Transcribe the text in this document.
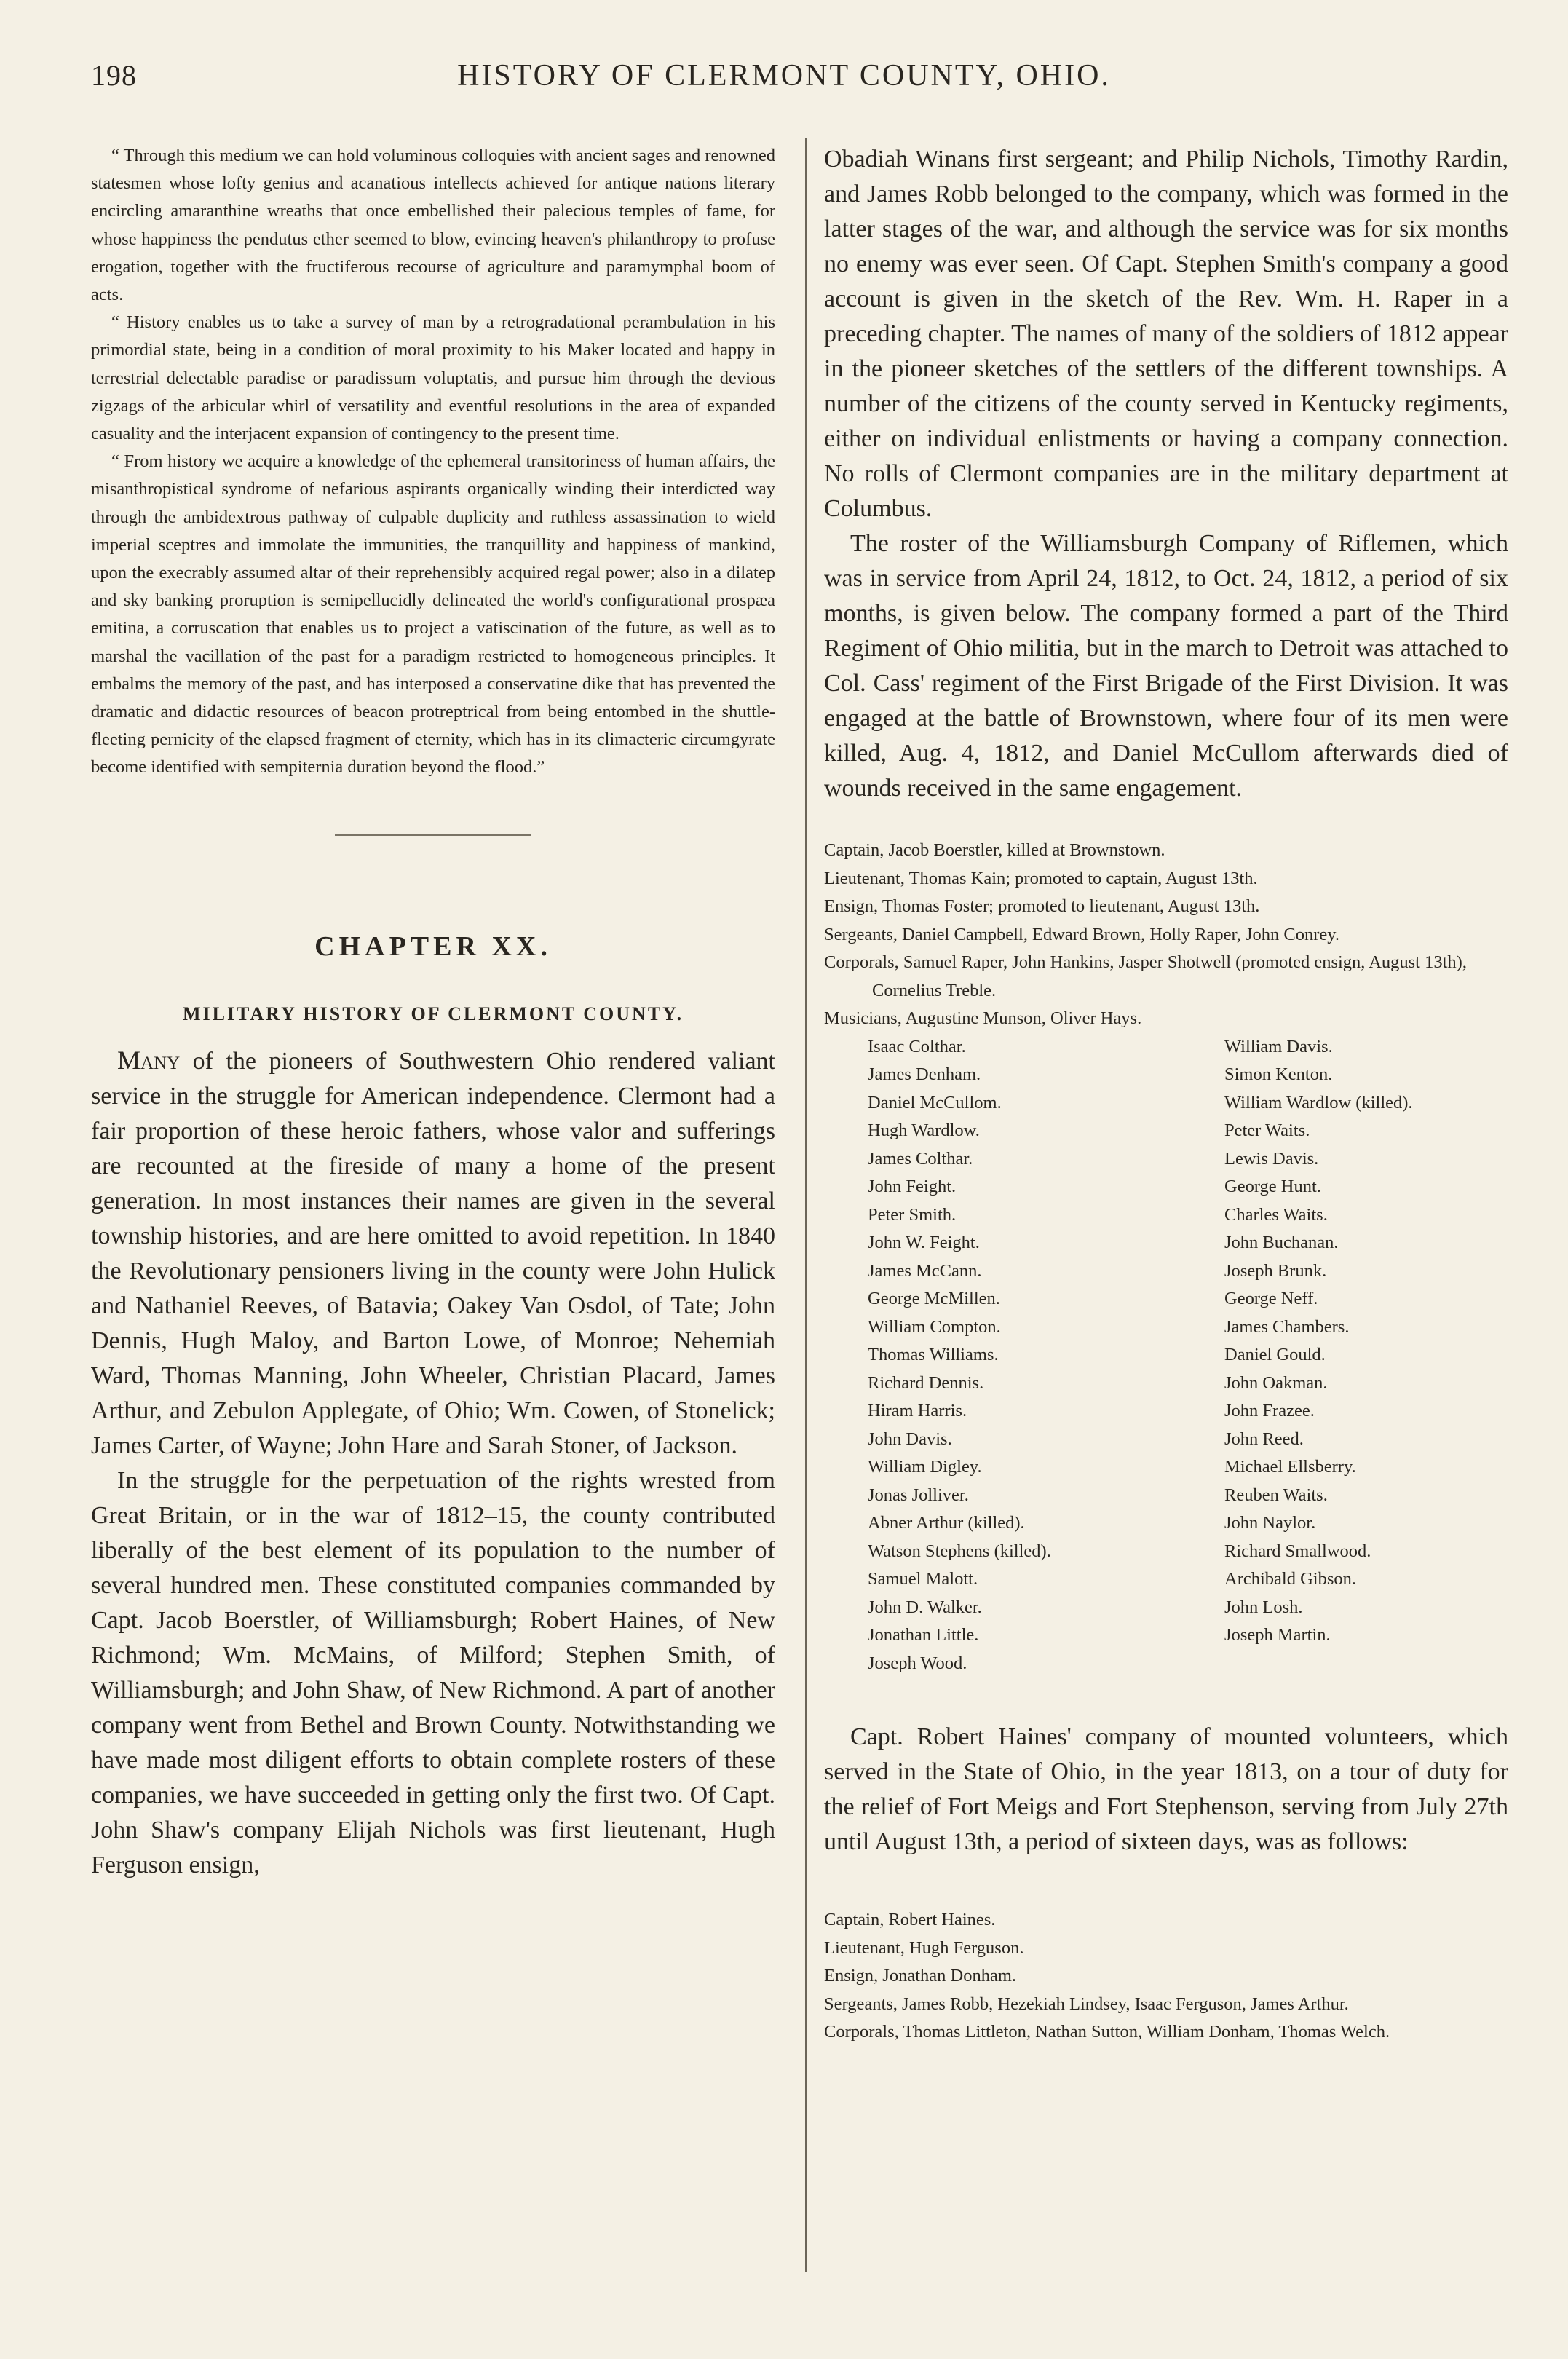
198	HISTORY OF CLERMONT COUNTY, OHIO.

“ Through this medium we can hold voluminous colloquies with ancient sages and renowned statesmen whose lofty genius and acanatious intellects achieved for antique nations literary encircling amaranthine wreaths that once embellished their palecious temples of fame, for whose happiness the pendutus ether seemed to blow, evincing heaven's philanthropy to profuse erogation, together with the fructiferous recourse of agriculture and paramymphal boom of acts.

“ History enables us to take a survey of man by a retrogradational perambulation in his primordial state, being in a condition of moral proximity to his Maker located and happy in terrestrial delectable paradise or paradissum voluptatis, and pursue him through the devious zigzags of the arbicular whirl of versatility and eventful resolutions in the area of expanded casuality and the interjacent expansion of contingency to the present time.

“ From history we acquire a knowledge of the ephemeral transitoriness of human affairs, the misanthropistical syndrome of nefarious aspirants organically winding their interdicted way through the ambidextrous pathway of culpable duplicity and ruthless assassination to wield imperial sceptres and immolate the immunities, the tranquillity and happiness of mankind, upon the execrably assumed altar of their reprehensibly acquired regal power; also in a dilatep and sky banking proruption is semipellucidly delineated the world's configurational prospæa emitina, a corruscation that enables us to project a vatiscination of the future, as well as to marshal the vacillation of the past for a paradigm restricted to homogeneous principles. It embalms the memory of the past, and has interposed a conservatine dike that has prevented the dramatic and didactic resources of beacon protreptrical from being entombed in the shuttle-fleeting pernicity of the elapsed fragment of eternity, which has in its climacteric circumgyrate become identified with sempiternia duration beyond the flood.”

CHAPTER XX.
MILITARY HISTORY OF CLERMONT COUNTY.

Many of the pioneers of Southwestern Ohio rendered valiant service in the struggle for American independence. Clermont had a fair proportion of these heroic fathers, whose valor and sufferings are recounted at the fireside of many a home of the present generation. In most instances their names are given in the several township histories, and are here omitted to avoid repetition. In 1840 the Revolutionary pensioners living in the county were John Hulick and Nathaniel Reeves, of Batavia; Oakey Van Osdol, of Tate; John Dennis, Hugh Maloy, and Barton Lowe, of Monroe; Nehemiah Ward, Thomas Manning, John Wheeler, Christian Placard, James Arthur, and Zebulon Applegate, of Ohio; Wm. Cowen, of Stonelick; James Carter, of Wayne; John Hare and Sarah Stoner, of Jackson.

In the struggle for the perpetuation of the rights wrested from Great Britain, or in the war of 1812–15, the county contributed liberally of the best element of its population to the number of several hundred men. These constituted companies commanded by Capt. Jacob Boerstler, of Williamsburgh; Robert Haines, of New Richmond; Wm. McMains, of Milford; Stephen Smith, of Williamsburgh; and John Shaw, of New Richmond. A part of another company went from Bethel and Brown County. Notwithstanding we have made most diligent efforts to obtain complete rosters of these companies, we have succeeded in getting only the first two. Of Capt. John Shaw's company Elijah Nichols was first lieutenant, Hugh Ferguson ensign,

Obadiah Winans first sergeant; and Philip Nichols, Timothy Rardin, and James Robb belonged to the company, which was formed in the latter stages of the war, and although the service was for six months no enemy was ever seen. Of Capt. Stephen Smith's company a good account is given in the sketch of the Rev. Wm. H. Raper in a preceding chapter. The names of many of the soldiers of 1812 appear in the pioneer sketches of the settlers of the different townships. A number of the citizens of the county served in Kentucky regiments, either on individual enlistments or having a company connection. No rolls of Clermont companies are in the military department at Columbus.

The roster of the Williamsburgh Company of Riflemen, which was in service from April 24, 1812, to Oct. 24, 1812, a period of six months, is given below. The company formed a part of the Third Regiment of Ohio militia, but in the march to Detroit was attached to Col. Cass' regiment of the First Brigade of the First Division. It was engaged at the battle of Brownstown, where four of its men were killed, Aug. 4, 1812, and Daniel McCullom afterwards died of wounds received in the same engagement.

Captain, Jacob Boerstler, killed at Brownstown.
Lieutenant, Thomas Kain; promoted to captain, August 13th.
Ensign, Thomas Foster; promoted to lieutenant, August 13th.
Sergeants, Daniel Campbell, Edward Brown, Holly Raper, John Conrey.
Corporals, Samuel Raper, John Hankins, Jasper Shotwell (promoted ensign, August 13th), Cornelius Treble.
Musicians, Augustine Munson, Oliver Hays.
Isaac Colthar.
James Denham.
Daniel McCullom.
Hugh Wardlow.
James Colthar.
John Feight.
Peter Smith.
John W. Feight.
James McCann.
George McMillen.
William Compton.
Thomas Williams.
Richard Dennis.
Hiram Harris.
John Davis.
William Digley.
Jonas Jolliver.
Abner Arthur (killed).
Watson Stephens (killed).
Samuel Malott.
John D. Walker.
Jonathan Little.
Joseph Wood.
William Davis.
Simon Kenton.
William Wardlow (killed).
Peter Waits.
Lewis Davis.
George Hunt.
Charles Waits.
John Buchanan.
Joseph Brunk.
George Neff.
James Chambers.
Daniel Gould.
John Oakman.
John Frazee.
John Reed.
Michael Ellsberry.
Reuben Waits.
John Naylor.
Richard Smallwood.
Archibald Gibson.
John Losh.
Joseph Martin.

Capt. Robert Haines' company of mounted volunteers, which served in the State of Ohio, in the year 1813, on a tour of duty for the relief of Fort Meigs and Fort Stephenson, serving from July 27th until August 13th, a period of sixteen days, was as follows:

Captain, Robert Haines.
Lieutenant, Hugh Ferguson.
Ensign, Jonathan Donham.
Sergeants, James Robb, Hezekiah Lindsey, Isaac Ferguson, James Arthur.
Corporals, Thomas Littleton, Nathan Sutton, William Donham, Thomas Welch.
